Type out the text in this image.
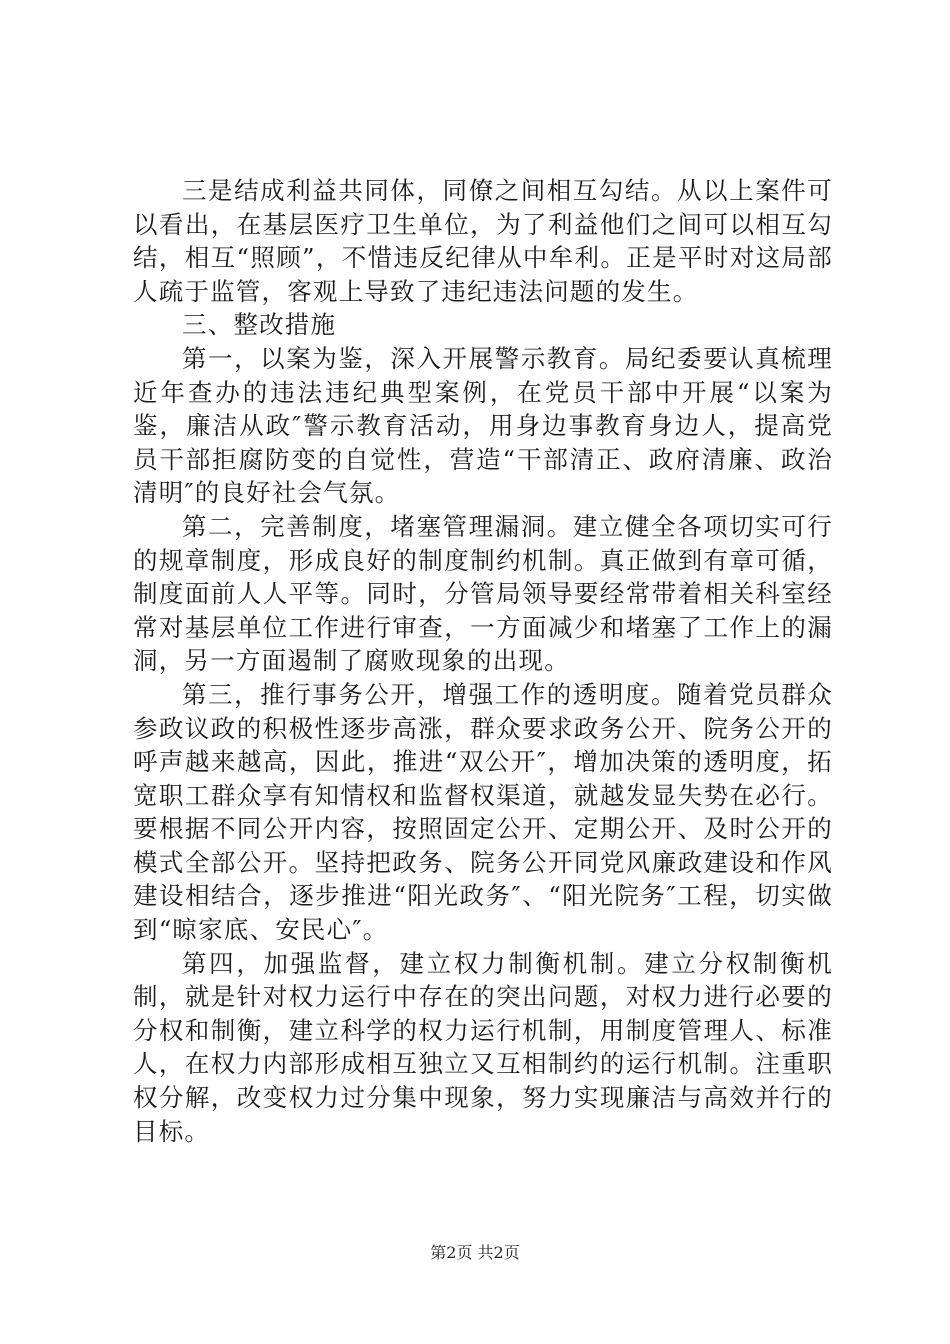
三是结成利益共同体，同僚之间相互勾结。从以上案件可以看出，在基层医疗卫生单位，为了利益他们之间可以相互勾结，相互“照顾”，不惜违反纪律从中牟利。正是平时对这局部人疏于监管，客观上导致了违纪违法问题的发生。

三、整改措施

第一，以案为鉴，深入开展警示教育。局纪委要认真梳理近年查办的违法违纪典型案例，在党员干部中开展“以案为鉴，廉洁从政″警示教育活动，用身边事教育身边人，提高党员干部拒腐防变的自觉性，营造“干部清正、政府清廉、政治清明″的良好社会气氛。

第二，完善制度，堵塞管理漏洞。建立健全各项切实可行的规章制度，形成良好的制度制约机制。真正做到有章可循，制度面前人人平等。同时，分管局领导要经常带着相关科室经常对基层单位工作进行审查，一方面减少和堵塞了工作上的漏洞，另一方面遏制了腐败现象的出现。

第三，推行事务公开，增强工作的透明度。随着党员群众参政议政的积极性逐步高涨，群众要求政务公开、院务公开的呼声越来越高，因此，推进“双公开″，增加决策的透明度，拓宽职工群众享有知情权和监督权渠道，就越发显失势在必行。要根据不同公开内容，按照固定公开、定期公开、及时公开的模式全部公开。坚持把政务、院务公开同党风廉政建设和作风建设相结合，逐步推进“阳光政务″、“阳光院务″工程，切实做到“晾家底、安民心″。

第四，加强监督，建立权力制衡机制。建立分权制衡机制，就是针对权力运行中存在的突出问题，对权力进行必要的分权和制衡，建立科学的权力运行机制，用制度管理人、标准人，在权力内部形成相互独立又互相制约的运行机制。注重职权分解，改变权力过分集中现象，努力实现廉洁与高效并行的目标。

第2页 共2页
